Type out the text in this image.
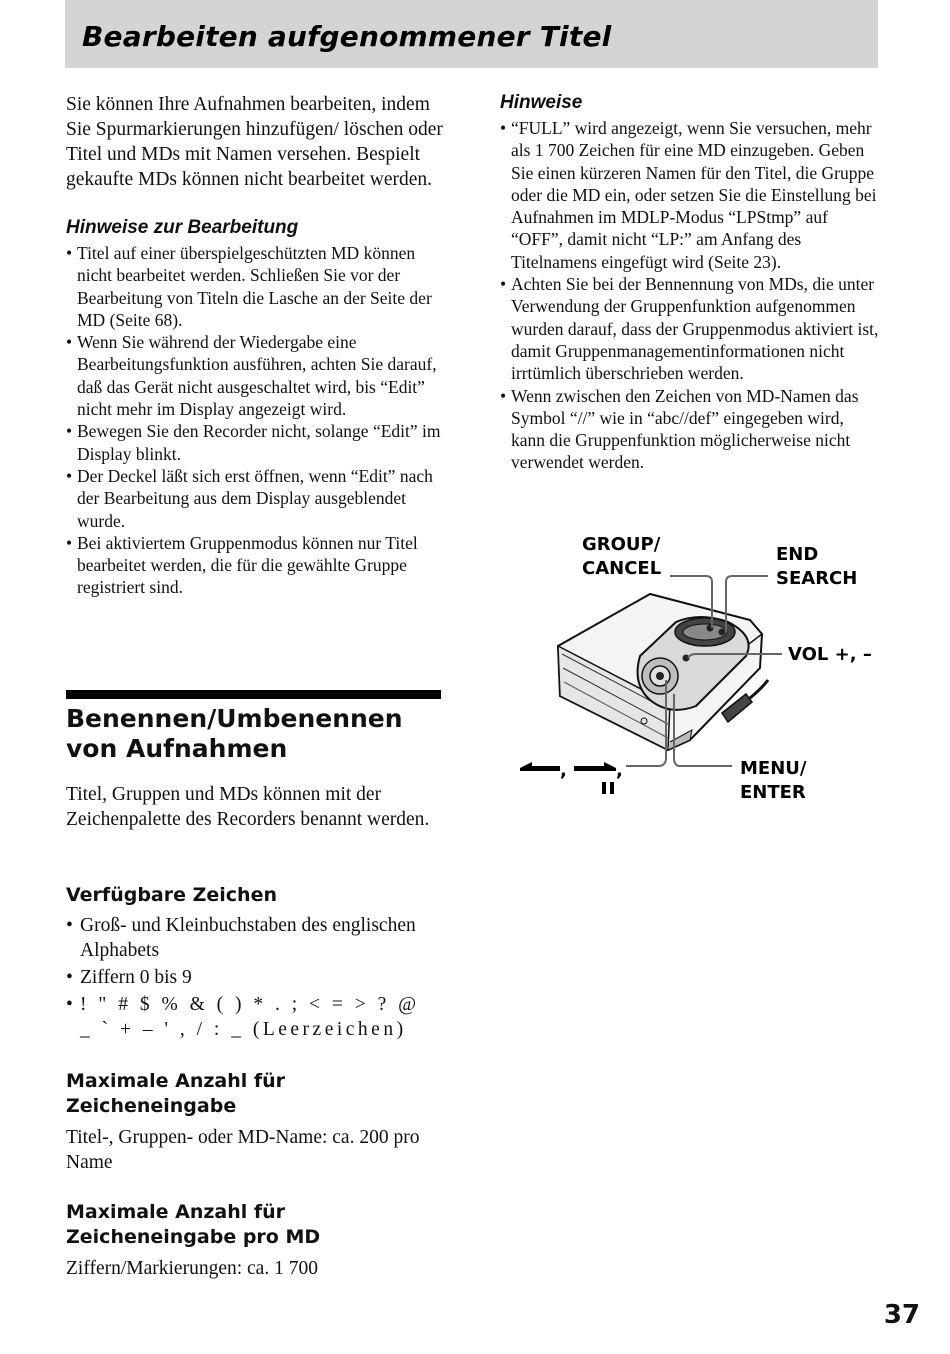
Bearbeiten aufgenommener Titel

Sie können Ihre Aufnahmen bearbeiten, indem Sie Spurmarkierungen hinzufügen/ löschen oder Titel und MDs mit Namen versehen. Bespielt gekaufte MDs können nicht bearbeitet werden.

Hinweise zur Bearbeitung

• Titel auf einer überspielgeschützten MD können nicht bearbeitet werden. Schließen Sie vor der Bearbeitung von Titeln die Lasche an der Seite der MD (Seite 68).
• Wenn Sie während der Wiedergabe eine Bearbeitungsfunktion ausführen, achten Sie darauf, daß das Gerät nicht ausgeschaltet wird, bis “Edit” nicht mehr im Display angezeigt wird.
• Bewegen Sie den Recorder nicht, solange “Edit” im Display blinkt.
• Der Deckel läßt sich erst öffnen, wenn “Edit” nach der Bearbeitung aus dem Display ausgeblendet wurde.
• Bei aktiviertem Gruppenmodus können nur Titel bearbeitet werden, die für die gewählte Gruppe registriert sind.
Benennen/Umbenennen
von Aufnahmen

Titel, Gruppen und MDs können mit der Zeichenpalette des Recorders benannt werden.

Verfügbare Zeichen
• Groß- und Kleinbuchstaben des englischen Alphabets
• Ziffern 0 bis 9
• ! " # $ % & ( ) * . ; < = > ? @ _ ` + – ' , / : _ (Leerzeichen)
Maximale Anzahl für
Zeicheneingabe

Titel-, Gruppen- oder MD-Name: ca. 200 pro Name

Maximale Anzahl für
Zeicheneingabe pro MD

Ziffern/Markierungen: ca. 1 700

Hinweise

• “FULL” wird angezeigt, wenn Sie versuchen, mehr als 1 700 Zeichen für eine MD einzugeben. Geben Sie einen kürzeren Namen für den Titel, die Gruppe oder die MD ein, oder setzen Sie die Einstellung bei Aufnahmen im MDLP-Modus “LPStmp” auf “OFF”, damit nicht “LP:” am Anfang des Titelnamens eingefügt wird (Seite 23).
• Achten Sie bei der Bennennung von MDs, die unter Verwendung der Gruppenfunktion aufgenommen wurden darauf, dass der Gruppenmodus aktiviert ist, damit Gruppenmanagementinformationen nicht irrtümlich überschrieben werden.
• Wenn zwischen den Zeichen von MD-Namen das Symbol “//” wie in “abc//def” eingegeben wird, kann die Gruppenfunktion möglicherweise nicht verwendet werden.
GROUP/
CANCEL
END
SEARCH
VOL +, –
MENU/
ENTER
,	,

37
